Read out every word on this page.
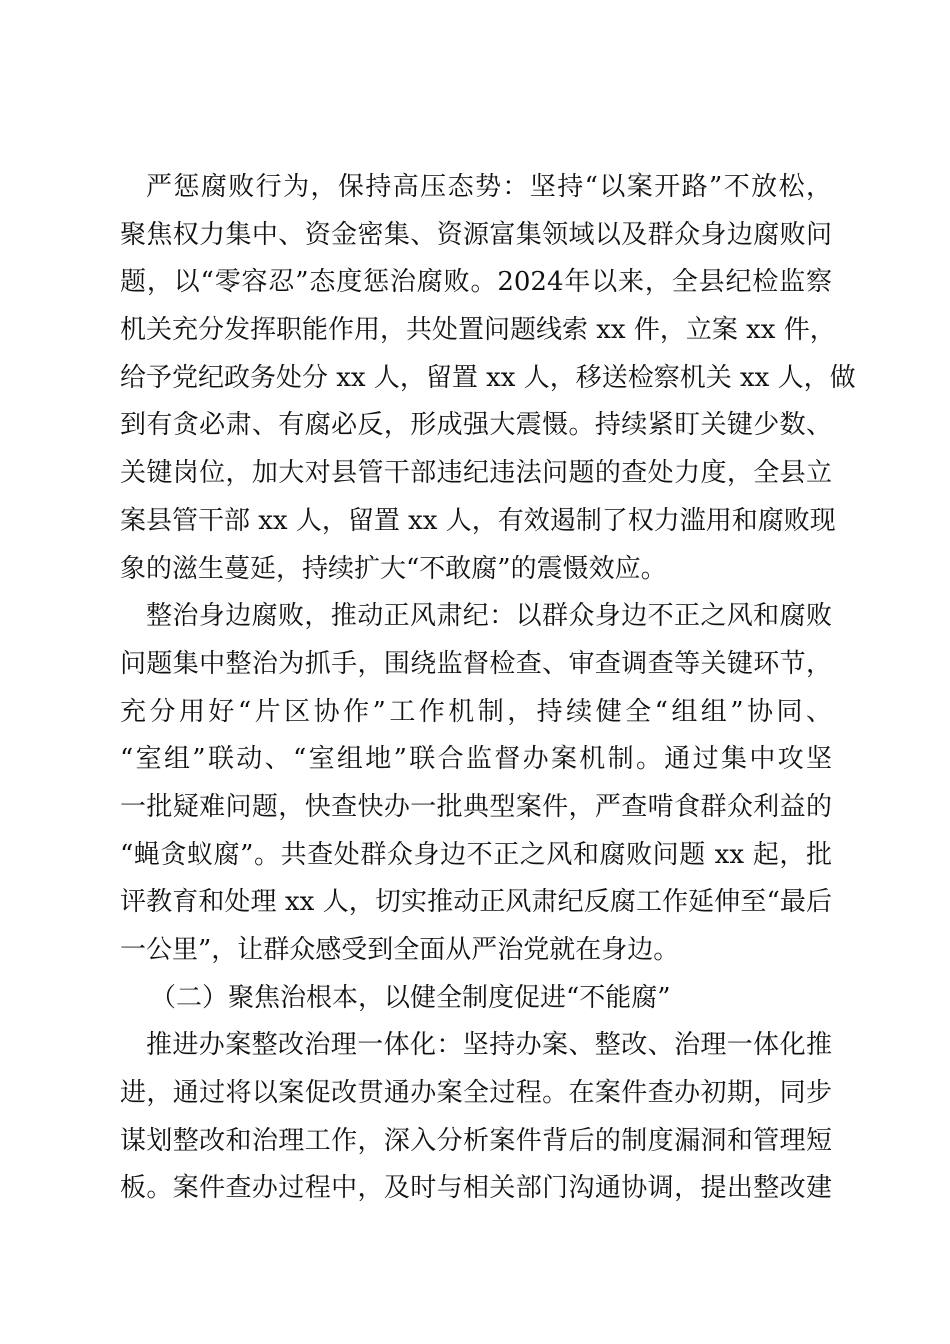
严惩腐败行为，保持高压态势：坚持“以案开路”不放松，
聚焦权力集中、资金密集、资源富集领域以及群众身边腐败问
题，以“零容忍”态度惩治腐败。2024年以来，全县纪检监察
机关充分发挥职能作用，共处置问题线索 xx 件，立案 xx 件，
给予党纪政务处分 xx 人，留置 xx 人，移送检察机关 xx 人，做
到有贪必肃、有腐必反，形成强大震慑。持续紧盯关键少数、
关键岗位，加大对县管干部违纪违法问题的查处力度，全县立
案县管干部 xx 人，留置 xx 人，有效遏制了权力滥用和腐败现
象的滋生蔓延，持续扩大“不敢腐”的震慑效应。
整治身边腐败，推动正风肃纪：以群众身边不正之风和腐败
问题集中整治为抓手，围绕监督检查、审查调查等关键环节，
充分用好“片区协作”工作机制，持续健全“组组”协同、
“室组”联动、“室组地”联合监督办案机制。通过集中攻坚
一批疑难问题，快查快办一批典型案件，严查啃食群众利益的
“蝇贪蚁腐”。共查处群众身边不正之风和腐败问题 xx 起，批
评教育和处理 xx 人，切实推动正风肃纪反腐工作延伸至“最后
一公里”，让群众感受到全面从严治党就在身边。
（二）聚焦治根本，以健全制度促进“不能腐”
推进办案整改治理一体化：坚持办案、整改、治理一体化推
进，通过将以案促改贯通办案全过程。在案件查办初期，同步
谋划整改和治理工作，深入分析案件背后的制度漏洞和管理短
板。案件查办过程中，及时与相关部门沟通协调，提出整改建
